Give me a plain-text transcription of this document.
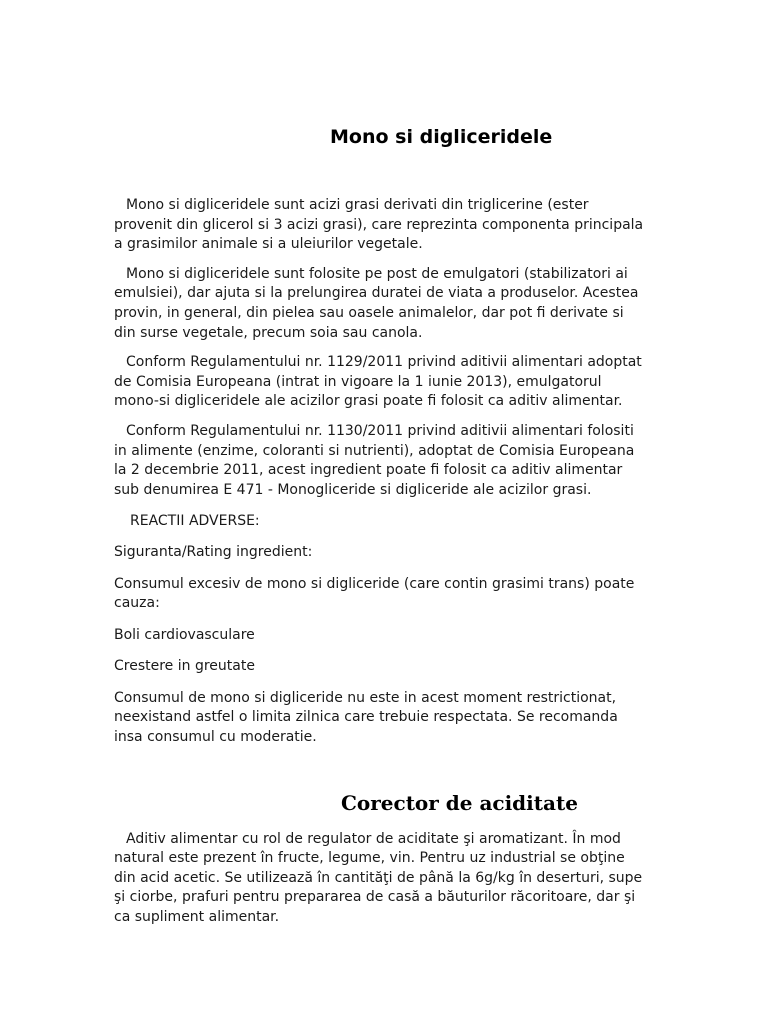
Mono si digliceridele

Mono si digliceridele sunt acizi grasi derivati din triglicerine (ester provenit din glicerol si 3 acizi grasi), care reprezinta componenta principala a grasimilor animale si a uleiurilor vegetale.

Mono si digliceridele sunt folosite pe post de emulgatori (stabilizatori ai emulsiei), dar ajuta si la prelungirea duratei de viata a produselor. Acestea provin, in general, din pielea sau oasele animalelor, dar pot fi derivate si din surse vegetale, precum soia sau canola.

Conform Regulamentului nr. 1129/2011 privind aditivii alimentari adoptat de Comisia Europeana (intrat in vigoare la 1 iunie 2013), emulgatorul mono-si digliceridele ale acizilor grasi poate fi folosit ca aditiv alimentar.

Conform Regulamentului nr. 1130/2011 privind aditivii alimentari folositi in alimente (enzime, coloranti si nutrienti), adoptat de Comisia Europeana la 2 decembrie 2011, acest ingredient poate fi folosit ca aditiv alimentar sub denumirea E 471 - Monogliceride si digliceride ale acizilor grasi.

REACTII ADVERSE:

Siguranta/Rating ingredient:

Consumul excesiv de mono si digliceride (care contin grasimi trans) poate cauza:

Boli cardiovasculare

Crestere in greutate

Consumul de mono si digliceride nu este in acest moment restrictionat, neexistand astfel o limita zilnica care trebuie respectata. Se recomanda insa consumul cu moderatie.

Corector de aciditate

Aditiv alimentar cu rol de regulator de aciditate şi aromatizant. În mod natural este prezent în fructe, legume, vin. Pentru uz industrial se obţine din acid acetic. Se utilizează în cantităţi de până la 6g/kg în deserturi, supe şi ciorbe, prafuri pentru prepararea de casă a băuturilor răcoritoare, dar şi ca supliment alimentar.
